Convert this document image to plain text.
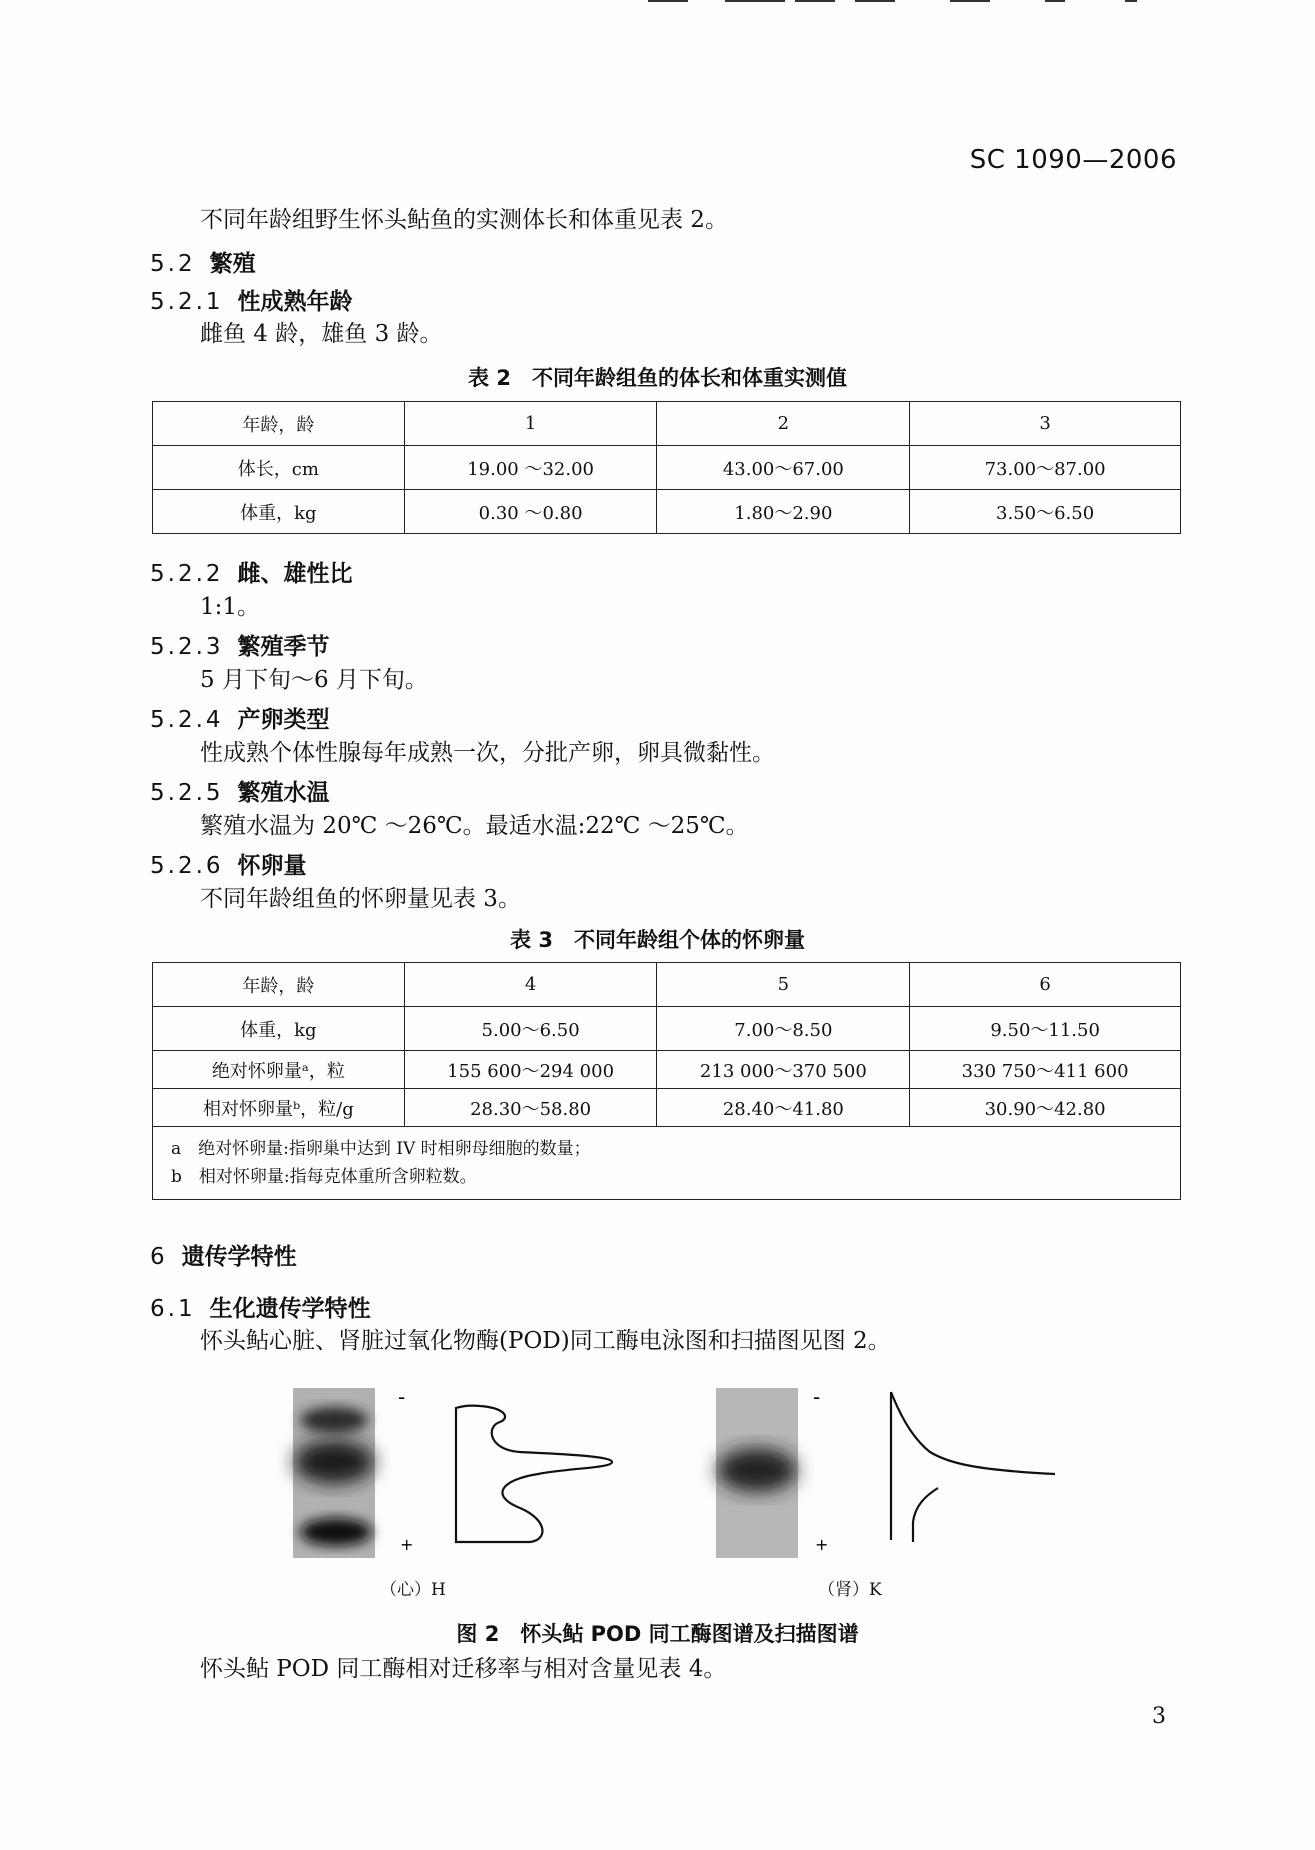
SC 1090—2006
不同年龄组野生怀头鲇鱼的实测体长和体重见表 2。
5.2 繁殖
5.2.1 性成熟年龄
雌鱼 4 龄，雄鱼 3 龄。
表 2　不同年龄组鱼的体长和体重实测值
年龄，龄	1	2	3
体长，cm	19.00 ～32.00	43.00～67.00	73.00～87.00
体重，kg	0.30 ～0.80	1.80～2.90	3.50～6.50
5.2.2 雌、雄性比
1:1。
5.2.3 繁殖季节
5 月下旬～6 月下旬。
5.2.4 产卵类型
性成熟个体性腺每年成熟一次，分批产卵，卵具微黏性。
5.2.5 繁殖水温
繁殖水温为 20℃ ～26℃。最适水温:22℃ ～25℃。
5.2.6 怀卵量
不同年龄组鱼的怀卵量见表 3。
表 3　不同年龄组个体的怀卵量
年龄，龄	4	5	6
体重，kg	5.00～6.50	7.00～8.50	9.50～11.50
绝对怀卵量ᵃ，粒	155 600～294 000	213 000～370 500	330 750～411 600
相对怀卵量ᵇ，粒/g	28.30～58.80	28.40～41.80	30.90～42.80

a　绝对怀卵量:指卵巢中达到 IV 时相卵母细胞的数量；
b　相对怀卵量:指每克体重所含卵粒数。			
6 遗传学特性
6.1 生化遗传学特性
怀头鲇心脏、肾脏过氧化物酶(POD)同工酶电泳图和扫描图见图 2。
-
+
-
+
（心）H	（肾）K
图 2　怀头鲇 POD 同工酶图谱及扫描图谱
怀头鲇 POD 同工酶相对迁移率与相对含量见表 4。
3
